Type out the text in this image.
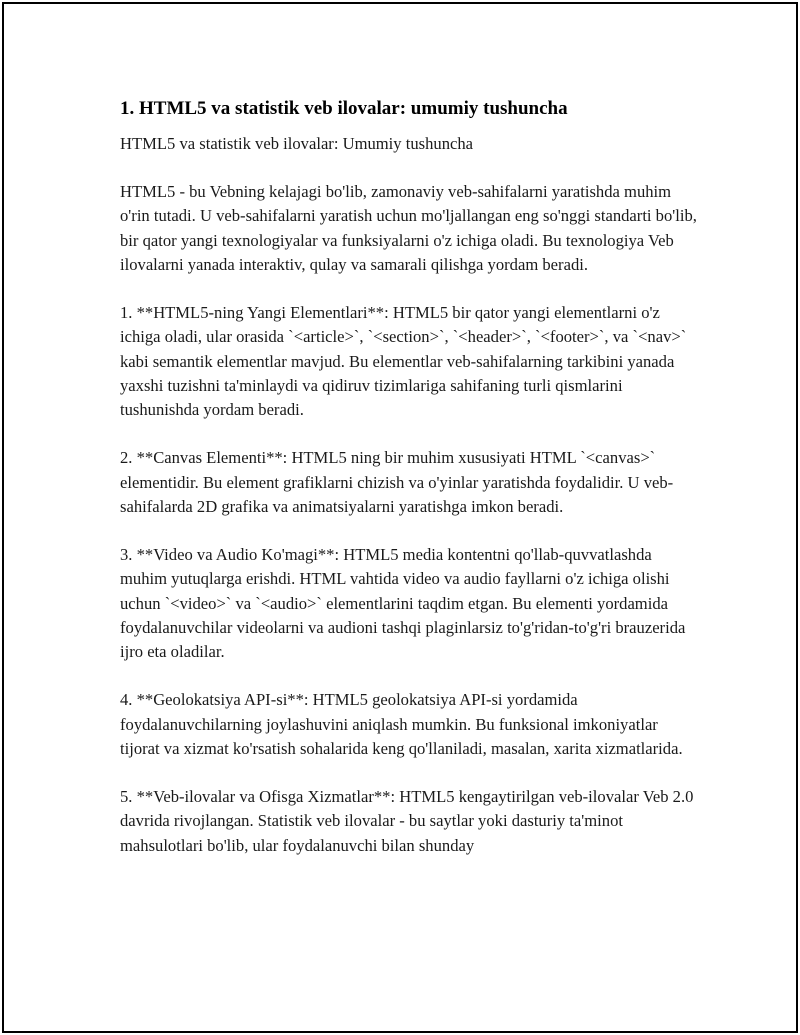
1. HTML5 va statistik veb ilovalar: umumiy tushuncha

HTML5 va statistik veb ilovalar: Umumiy tushuncha

HTML5 - bu Vebning kelajagi bo'lib, zamonaviy veb-sahifalarni yaratishda muhim o'rin tutadi. U veb-sahifalarni yaratish uchun mo'ljallangan eng so'nggi standarti bo'lib, bir qator yangi texnologiyalar va funksiyalarni o'z ichiga oladi. Bu texnologiya Veb ilovalarni yanada interaktiv, qulay va samarali qilishga yordam beradi.

1. **HTML5-ning Yangi Elementlari**: HTML5 bir qator yangi elementlarni o'z ichiga oladi, ular orasida `<article>`, `<section>`, `<header>`, `<footer>`, va `<nav>` kabi semantik elementlar mavjud. Bu elementlar veb-sahifalarning tarkibini yanada yaxshi tuzishni ta'minlaydi va qidiruv tizimlariga sahifaning turli qismlarini tushunishda yordam beradi.

2. **Canvas Elementi**: HTML5 ning bir muhim xususiyati HTML `<canvas>` elementidir. Bu element grafiklarni chizish va o'yinlar yaratishda foydalidir. U veb-sahifalarda 2D grafika va animatsiyalarni yaratishga imkon beradi.

3. **Video va Audio Ko'magi**: HTML5 media kontentni qo'llab-quvvatlashda muhim yutuqlarga erishdi. HTML vahtida video va audio fayllarni o'z ichiga olishi uchun `<video>` va `<audio>` elementlarini taqdim etgan. Bu elementi yordamida foydalanuvchilar videolarni va audioni tashqi plaginlarsiz to'g'ridan-to'g'ri brauzerida ijro eta oladilar.

4. **Geolokatsiya API-si**: HTML5 geolokatsiya API-si yordamida foydalanuvchilarning joylashuvini aniqlash mumkin. Bu funksional imkoniyatlar tijorat va xizmat ko'rsatish sohalarida keng qo'llaniladi, masalan, xarita xizmatlarida.

5. **Veb-ilovalar va Ofisga Xizmatlar**: HTML5 kengaytirilgan veb-ilovalar Veb 2.0 davrida rivojlangan. Statistik veb ilovalar - bu saytlar yoki dasturiy ta'minot mahsulotlari bo'lib, ular foydalanuvchi bilan shunday
